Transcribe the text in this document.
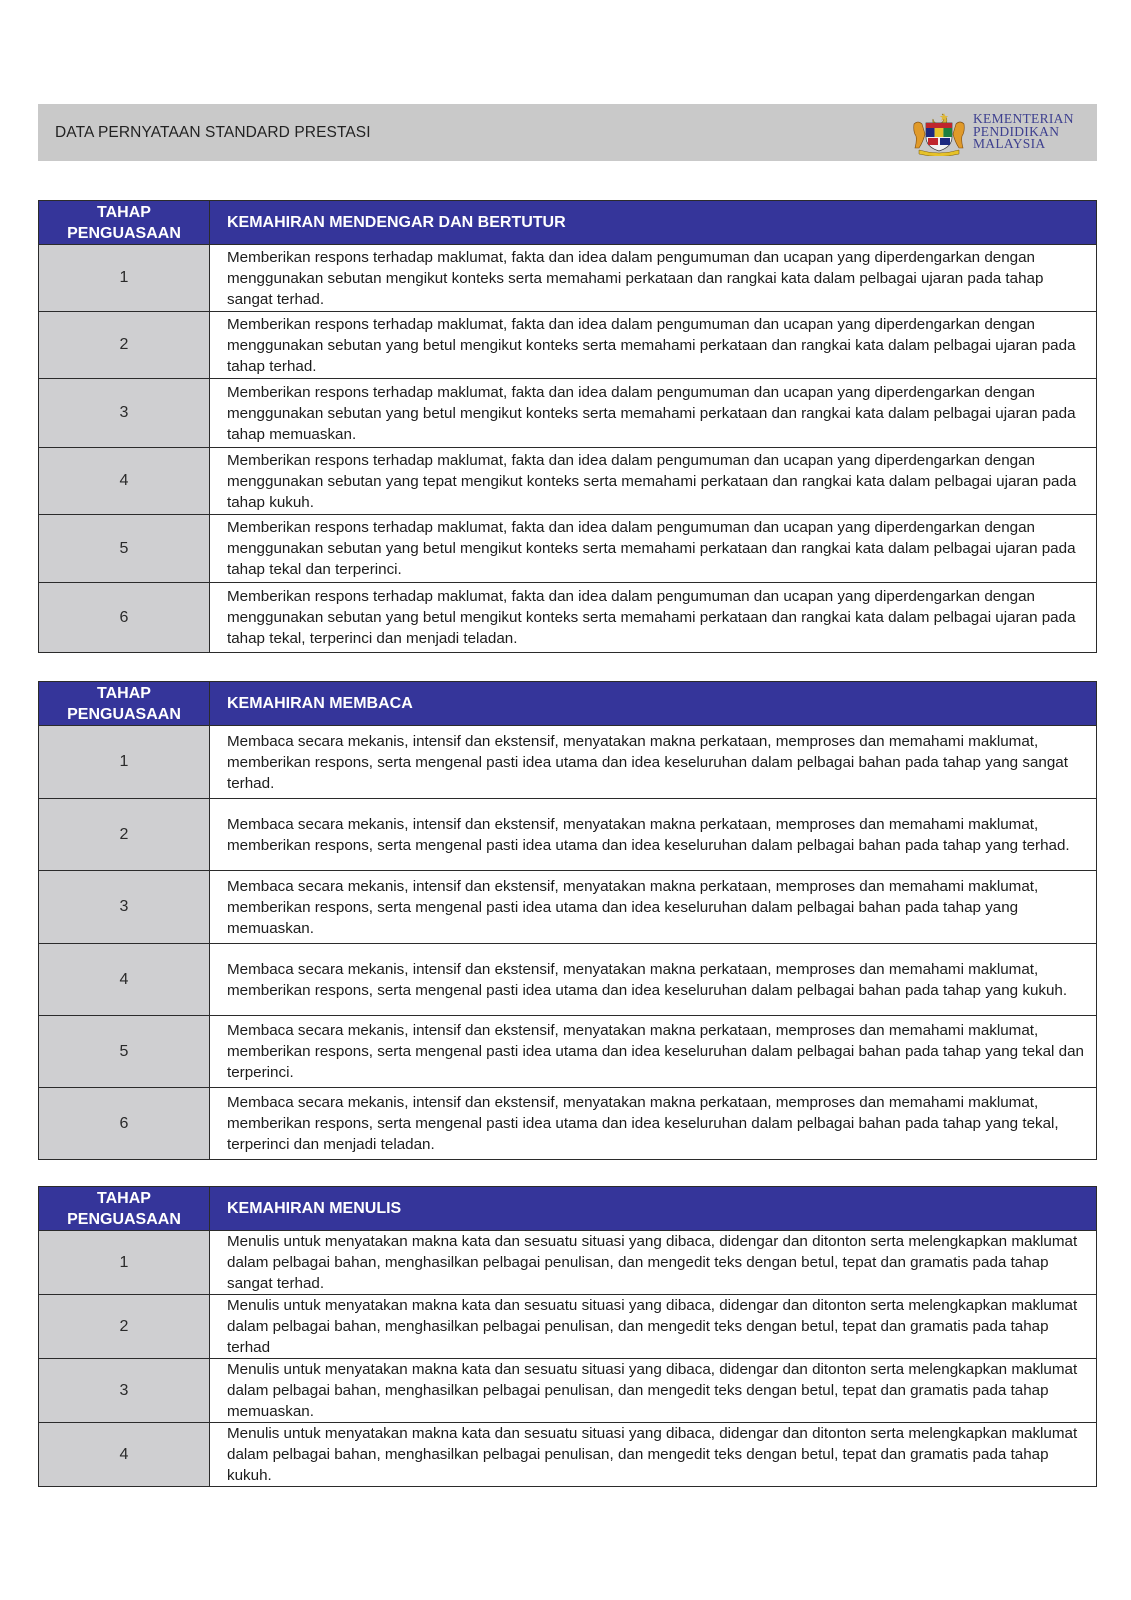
DATA PERNYATAAN STANDARD PRESTASI
KEMENTERIAN
PENDIDIKAN
MALAYSIA
TAHAP PENGUASAAN	KEMAHIRAN MENDENGAR DAN BERTUTUR
1	Memberikan respons terhadap maklumat, fakta dan idea dalam pengumuman dan ucapan yang diperdengarkan dengan menggunakan sebutan mengikut konteks serta memahami perkataan dan rangkai kata dalam pelbagai ujaran pada tahap sangat terhad.
2	Memberikan respons terhadap maklumat, fakta dan idea dalam pengumuman dan ucapan yang diperdengarkan dengan menggunakan sebutan yang betul mengikut konteks serta memahami perkataan dan rangkai kata dalam pelbagai ujaran pada tahap terhad.
3	Memberikan respons terhadap maklumat, fakta dan idea dalam pengumuman dan ucapan yang diperdengarkan dengan menggunakan sebutan yang betul mengikut konteks serta memahami perkataan dan rangkai kata dalam pelbagai ujaran pada tahap memuaskan.
4	Memberikan respons terhadap maklumat, fakta dan idea dalam pengumuman dan ucapan yang diperdengarkan dengan menggunakan sebutan yang tepat mengikut konteks serta memahami perkataan dan rangkai kata dalam pelbagai ujaran pada tahap kukuh.
5	Memberikan respons terhadap maklumat, fakta dan idea dalam pengumuman dan ucapan yang diperdengarkan dengan menggunakan sebutan yang betul mengikut konteks serta memahami perkataan dan rangkai kata dalam pelbagai ujaran pada tahap tekal dan terperinci.
6	Memberikan respons terhadap maklumat, fakta dan idea dalam pengumuman dan ucapan yang diperdengarkan dengan menggunakan sebutan yang betul mengikut konteks serta memahami perkataan dan rangkai kata dalam pelbagai ujaran pada tahap tekal, terperinci dan menjadi teladan.
TAHAP PENGUASAAN	KEMAHIRAN MEMBACA
1	Membaca secara mekanis, intensif dan ekstensif, menyatakan makna perkataan, memproses dan memahami maklumat, memberikan respons, serta mengenal pasti idea utama dan idea keseluruhan dalam pelbagai bahan pada tahap yang sangat terhad.
2	Membaca secara mekanis, intensif dan ekstensif, menyatakan makna perkataan, memproses dan memahami maklumat, memberikan respons, serta mengenal pasti idea utama dan idea keseluruhan dalam pelbagai bahan pada tahap yang terhad.
3	Membaca secara mekanis, intensif dan ekstensif, menyatakan makna perkataan, memproses dan memahami maklumat, memberikan respons, serta mengenal pasti idea utama dan idea keseluruhan dalam pelbagai bahan pada tahap yang memuaskan.
4	Membaca secara mekanis, intensif dan ekstensif, menyatakan makna perkataan, memproses dan memahami maklumat, memberikan respons, serta mengenal pasti idea utama dan idea keseluruhan dalam pelbagai bahan pada tahap yang kukuh.
5	Membaca secara mekanis, intensif dan ekstensif, menyatakan makna perkataan, memproses dan memahami maklumat, memberikan respons, serta mengenal pasti idea utama dan idea keseluruhan dalam pelbagai bahan pada tahap yang tekal dan terperinci.
6	Membaca secara mekanis, intensif dan ekstensif, menyatakan makna perkataan, memproses dan memahami maklumat, memberikan respons, serta mengenal pasti idea utama dan idea keseluruhan dalam pelbagai bahan pada tahap yang tekal, terperinci dan menjadi teladan.
TAHAP PENGUASAAN	KEMAHIRAN MENULIS
1	Menulis untuk menyatakan makna kata dan sesuatu situasi yang dibaca, didengar dan ditonton serta melengkapkan maklumat dalam pelbagai bahan, menghasilkan pelbagai penulisan, dan mengedit teks dengan betul, tepat dan gramatis pada tahap sangat terhad.
2	Menulis untuk menyatakan makna kata dan sesuatu situasi yang dibaca, didengar dan ditonton serta melengkapkan maklumat dalam pelbagai bahan, menghasilkan pelbagai penulisan, dan mengedit teks dengan betul, tepat dan gramatis pada tahap terhad
3	Menulis untuk menyatakan makna kata dan sesuatu situasi yang dibaca, didengar dan ditonton serta melengkapkan maklumat dalam pelbagai bahan, menghasilkan pelbagai penulisan, dan mengedit teks dengan betul, tepat dan gramatis pada tahap memuaskan.
4	Menulis untuk menyatakan makna kata dan sesuatu situasi yang dibaca, didengar dan ditonton serta melengkapkan maklumat dalam pelbagai bahan, menghasilkan pelbagai penulisan, dan mengedit teks dengan betul, tepat dan gramatis pada tahap kukuh.
